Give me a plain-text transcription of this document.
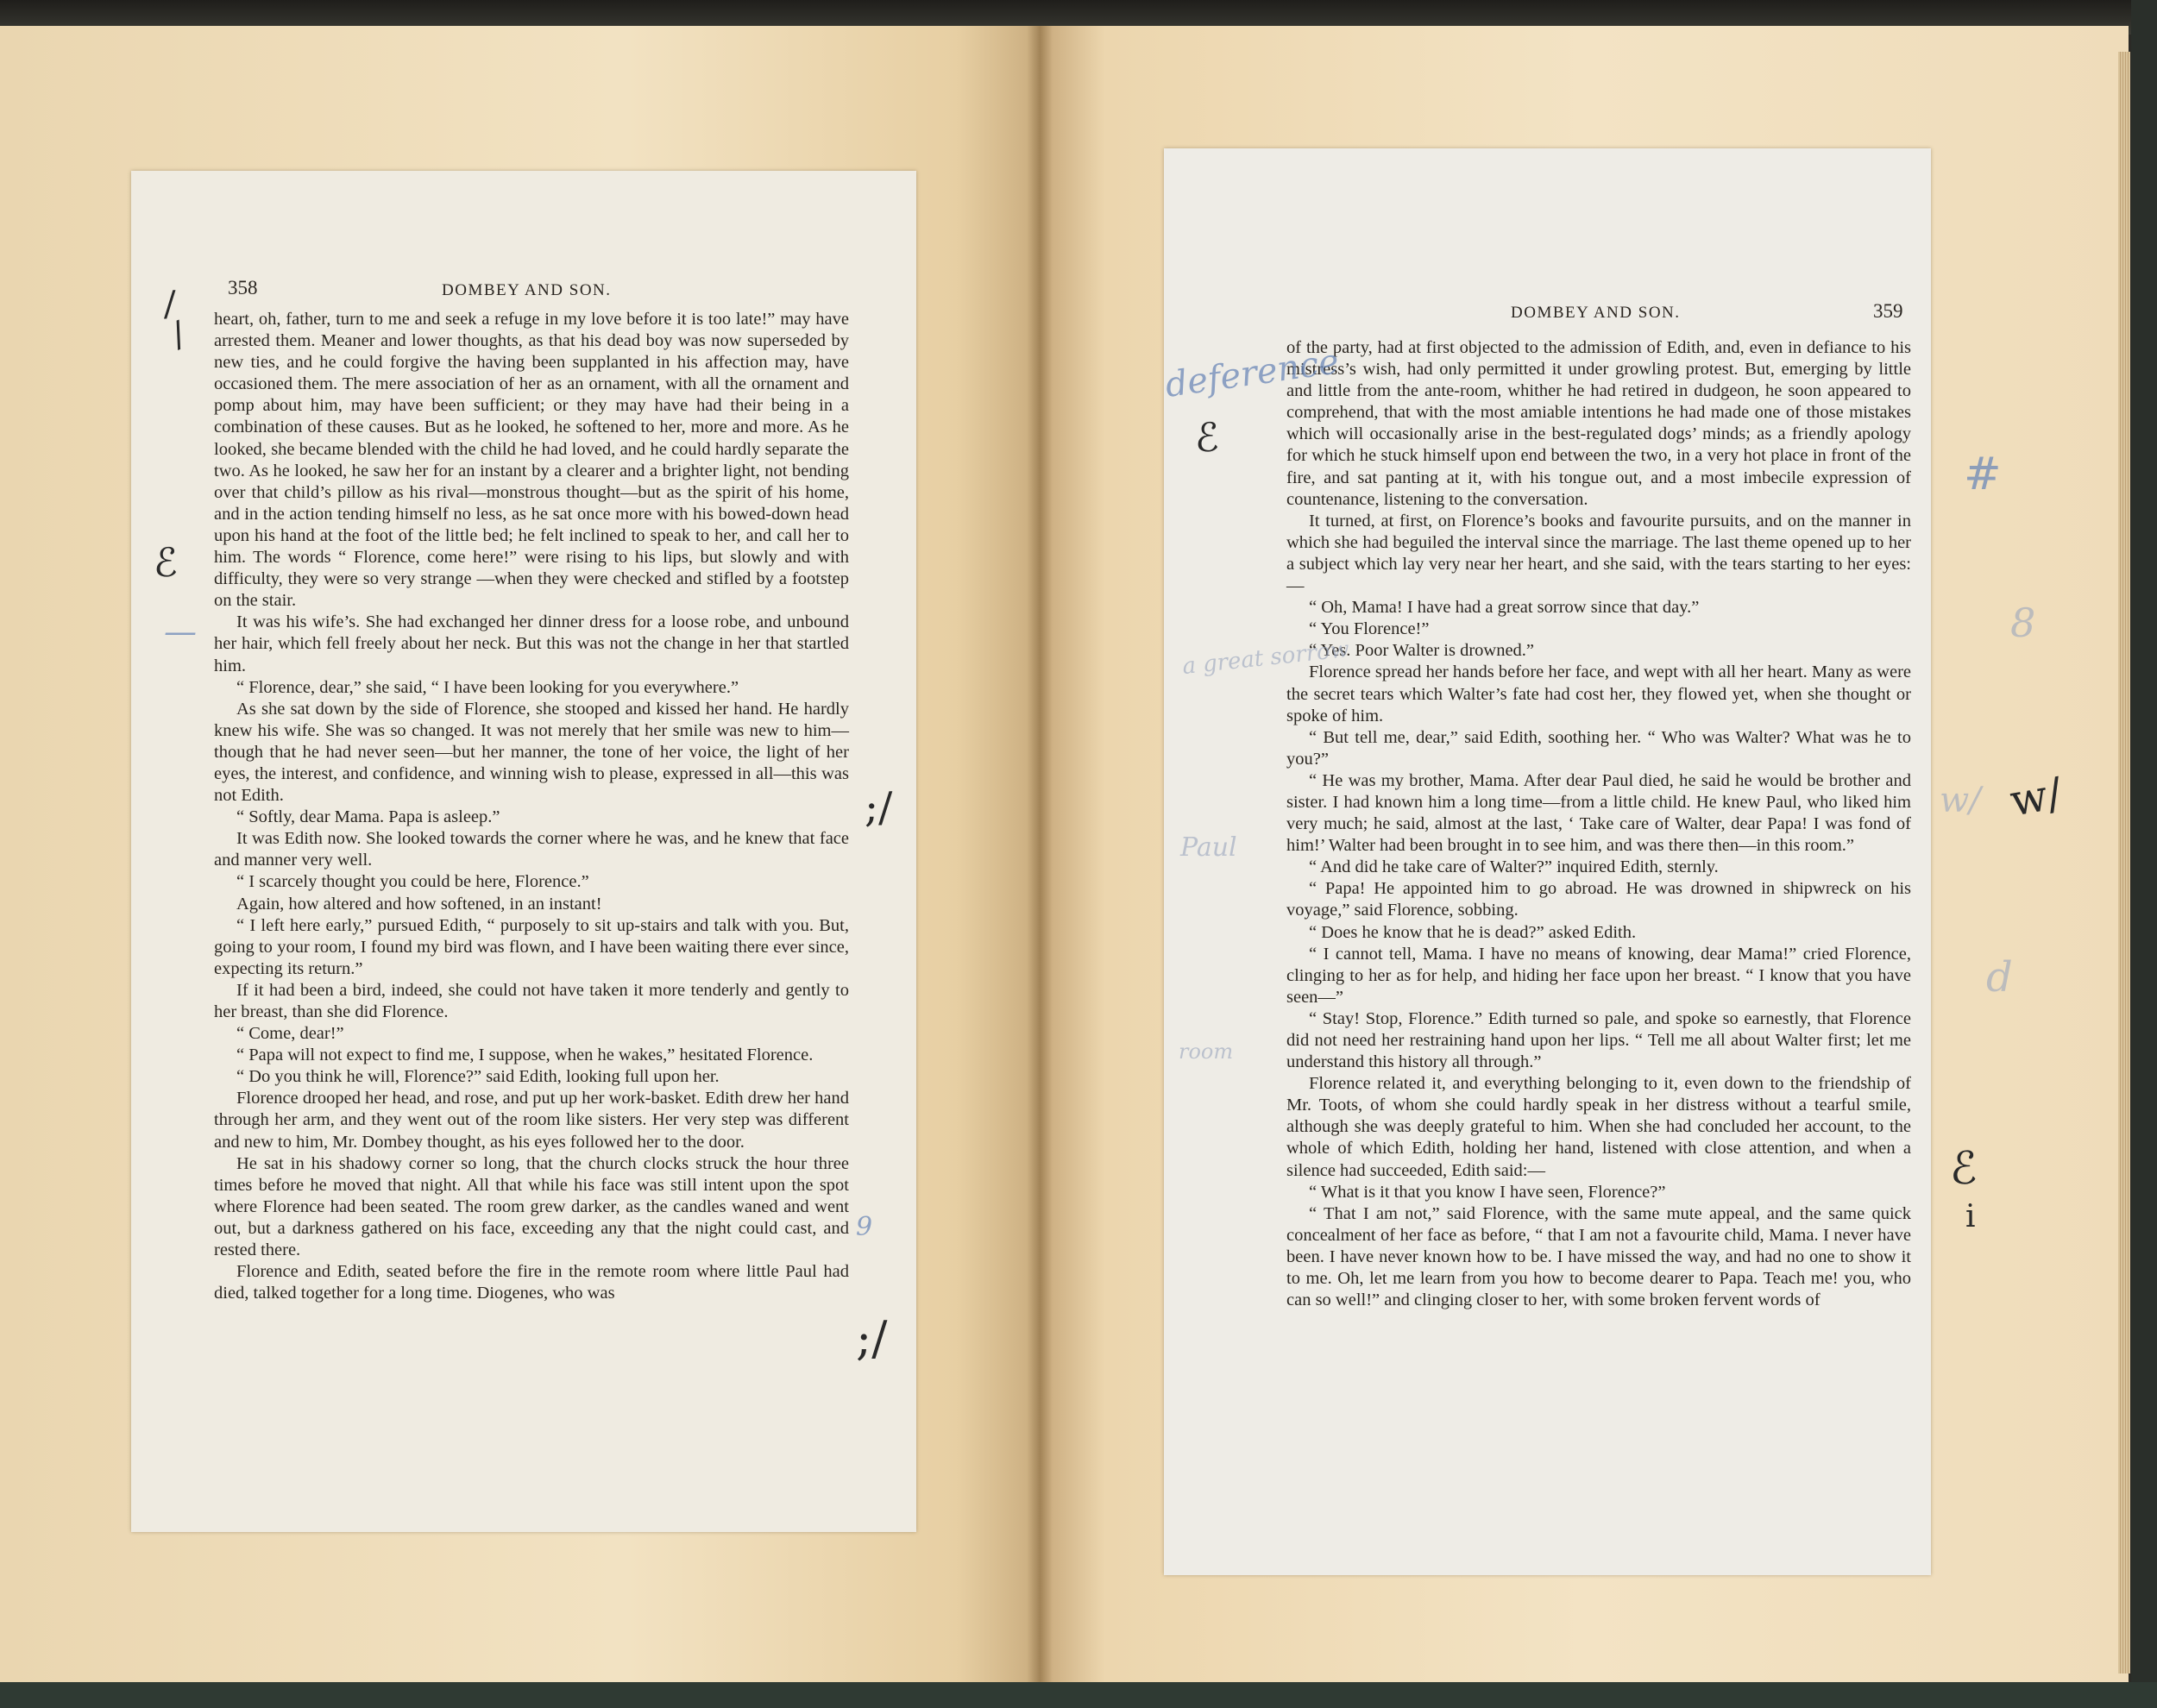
358	DOMBEY AND SON.

heart, oh, father, turn to me and seek a refuge in my love before it is too late!” may have arrested them. Meaner and lower thoughts, as that his dead boy was now superseded by new ties, and he could forgive the having been supplanted in his affection may, have occasioned them. The mere association of her as an ornament, with all the ornament and pomp about him, may have been sufficient; or they may have had their being in a combination of these causes. But as he looked, he softened to her, more and more. As he looked, she became blended with the child he had loved, and he could hardly separate the two. As he looked, he saw her for an instant by a clearer and a brighter light, not bending over that child’s pillow as his rival—monstrous thought—but as the spirit of his home, and in the action tending himself no less, as he sat once more with his bowed-down head upon his hand at the foot of the little bed; he felt inclined to speak to her, and call her to him. The words “ Florence, come here!” were rising to his lips, but slowly and with difficulty, they were so very strange —when they were checked and stifled by a footstep on the stair.

It was his wife’s. She had exchanged her dinner dress for a loose robe, and unbound her hair, which fell freely about her neck. But this was not the change in her that startled him.

“ Florence, dear,” she said, “ I have been looking for you everywhere.”

As she sat down by the side of Florence, she stooped and kissed her hand. He hardly knew his wife. She was so changed. It was not merely that her smile was new to him—though that he had never seen—but her manner, the tone of her voice, the light of her eyes, the interest, and confidence, and winning wish to please, expressed in all—this was not Edith.

“ Softly, dear Mama. Papa is asleep.”

It was Edith now. She looked towards the corner where he was, and he knew that face and manner very well.

“ I scarcely thought you could be here, Florence.”

Again, how altered and how softened, in an instant!

“ I left here early,” pursued Edith, “ purposely to sit up-stairs and talk with you. But, going to your room, I found my bird was flown, and I have been waiting there ever since, expecting its return.”

If it had been a bird, indeed, she could not have taken it more tenderly and gently to her breast, than she did Florence.

“ Come, dear!”

“ Papa will not expect to find me, I suppose, when he wakes,” hesitated Florence.

“ Do you think he will, Florence?” said Edith, looking full upon her.

Florence drooped her head, and rose, and put up her work-basket. Edith drew her hand through her arm, and they went out of the room like sisters. Her very step was different and new to him, Mr. Dombey thought, as his eyes followed her to the door.

He sat in his shadowy corner so long, that the church clocks struck the hour three times before he moved that night. All that while his face was still intent upon the spot where Florence had been seated. The room grew darker, as the candles waned and went out, but a darkness gathered on his face, exceeding any that the night could cast, and rested there.

Florence and Edith, seated before the fire in the remote room where little Paul had died, talked together for a long time. Diogenes, who was

/
/
ℰ
—
;/
9
;/
DOMBEY AND SON.	359

of the party, had at first objected to the admission of Edith, and, even in defiance to his mistress’s wish, had only permitted it under growling protest. But, emerging by little and little from the ante-room, whither he had retired in dudgeon, he soon appeared to comprehend, that with the most amiable intentions he had made one of those mistakes which will occasionally arise in the best-regulated dogs’ minds; as a friendly apology for which he stuck himself upon end between the two, in a very hot place in front of the fire, and sat panting at it, with his tongue out, and a most imbecile expression of countenance, listening to the conversation.

It turned, at first, on Florence’s books and favourite pursuits, and on the manner in which she had beguiled the interval since the marriage. The last theme opened up to her a subject which lay very near her heart, and she said, with the tears starting to her eyes:—

“ Oh, Mama! I have had a great sorrow since that day.”

“ You Florence!”

“ Yes. Poor Walter is drowned.”

Florence spread her hands before her face, and wept with all her heart. Many as were the secret tears which Walter’s fate had cost her, they flowed yet, when she thought or spoke of him.

“ But tell me, dear,” said Edith, soothing her. “ Who was Walter? What was he to you?”

“ He was my brother, Mama. After dear Paul died, he said he would be brother and sister. I had known him a long time—from a little child. He knew Paul, who liked him very much; he said, almost at the last, ‘ Take care of Walter, dear Papa! I was fond of him!’ Walter had been brought in to see him, and was there then—in this room.”

“ And did he take care of Walter?” inquired Edith, sternly.

“ Papa! He appointed him to go abroad. He was drowned in shipwreck on his voyage,” said Florence, sobbing.

“ Does he know that he is dead?” asked Edith.

“ I cannot tell, Mama. I have no means of knowing, dear Mama!” cried Florence, clinging to her as for help, and hiding her face upon her breast. “ I know that you have seen—”

“ Stay! Stop, Florence.” Edith turned so pale, and spoke so earnestly, that Florence did not need her restraining hand upon her lips. “ Tell me all about Walter first; let me understand this history all through.”

Florence related it, and everything belonging to it, even down to the friendship of Mr. Toots, of whom she could hardly speak in her distress without a tearful smile, although she was deeply grateful to him. When she had concluded her account, to the whole of which Edith, holding her hand, listened with close attention, and when a silence had succeeded, Edith said:—

“ What is it that you know I have seen, Florence?”

“ That I am not,” said Florence, with the same mute appeal, and the same quick concealment of her face as before, “ that I am not a favourite child, Mama. I never have been. I have never known how to be. I have missed the way, and had no one to show it to me. Oh, let me learn from you how to become dearer to Papa. Teach me! you, who can so well!” and clinging closer to her, with some broken fervent words of

deference
ℰ
#
a great sorrow
w/ w/
Paul
d
room
ℰ
i
8
